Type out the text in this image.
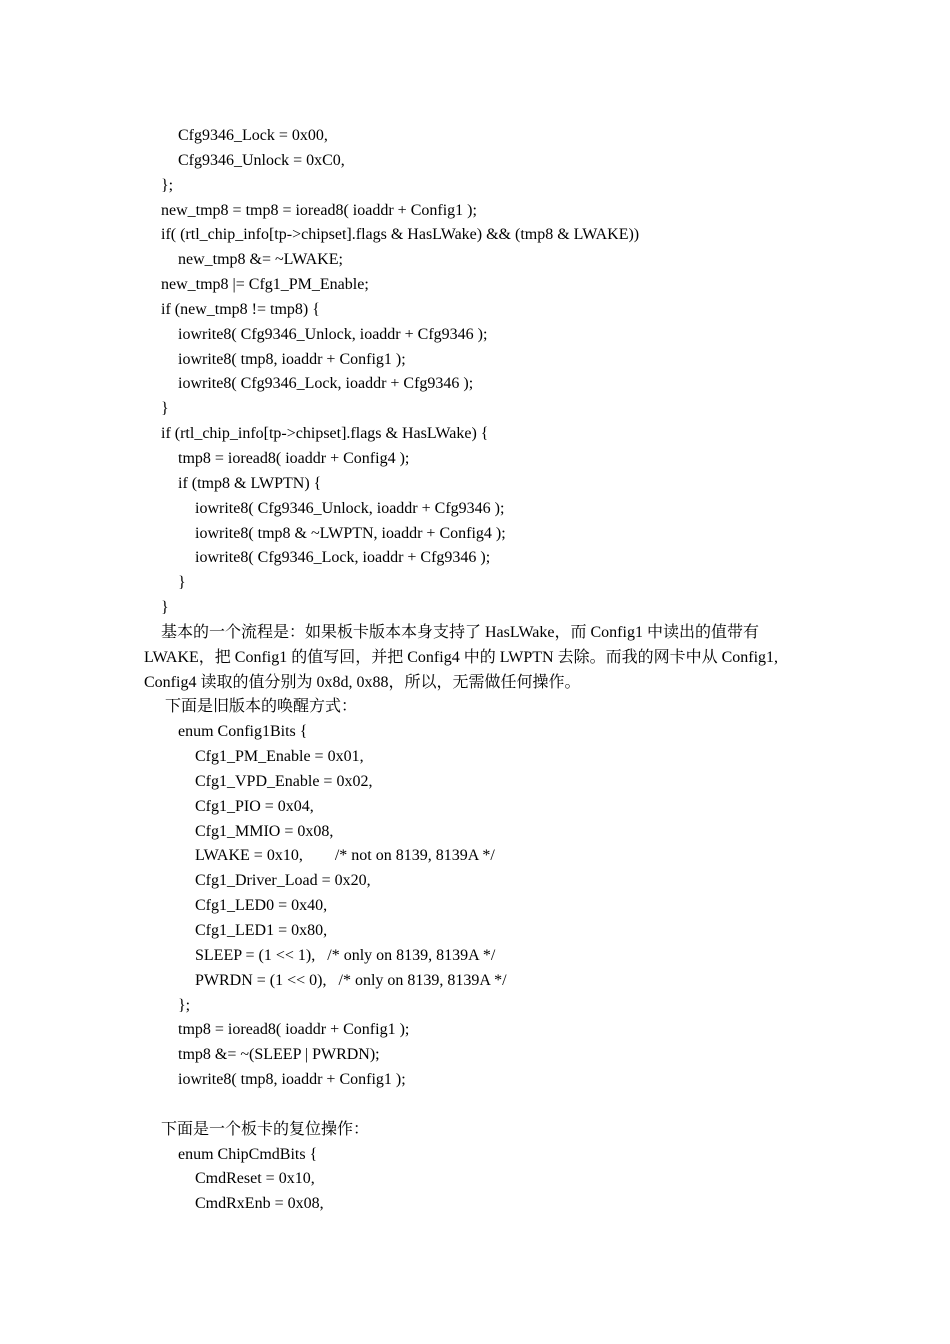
Cfg9346_Lock = 0x00,
Cfg9346_Unlock = 0xC0,
};
new_tmp8 = tmp8 = ioread8( ioaddr + Config1 );
if( (rtl_chip_info[tp->chipset].flags & HasLWake) && (tmp8 & LWAKE))
new_tmp8 &= ~LWAKE;
new_tmp8 |= Cfg1_PM_Enable;
if (new_tmp8 != tmp8) {
iowrite8( Cfg9346_Unlock, ioaddr + Cfg9346 );
iowrite8( tmp8, ioaddr + Config1 );
iowrite8( Cfg9346_Lock, ioaddr + Cfg9346 );
}
if (rtl_chip_info[tp->chipset].flags & HasLWake) {
tmp8 = ioread8( ioaddr + Config4 );
if (tmp8 & LWPTN) {
iowrite8( Cfg9346_Unlock, ioaddr + Cfg9346 );
iowrite8( tmp8 & ~LWPTN, ioaddr + Config4 );
iowrite8( Cfg9346_Lock, ioaddr + Cfg9346 );
}
}
基本的一个流程是：如果板卡版本本身支持了 HasLWake，而 Config1 中读出的值带有
LWAKE，把 Config1 的值写回，并把 Config4 中的 LWPTN 去除。而我的网卡中从 Config1,
Config4 读取的值分别为 0x8d, 0x88，所以，无需做任何操作。
下面是旧版本的唤醒方式：
enum Config1Bits {
Cfg1_PM_Enable = 0x01,
Cfg1_VPD_Enable = 0x02,
Cfg1_PIO = 0x04,
Cfg1_MMIO = 0x08,
LWAKE = 0x10,        /* not on 8139, 8139A */
Cfg1_Driver_Load = 0x20,
Cfg1_LED0 = 0x40,
Cfg1_LED1 = 0x80,
SLEEP = (1 << 1),   /* only on 8139, 8139A */
PWRDN = (1 << 0),   /* only on 8139, 8139A */
};
tmp8 = ioread8( ioaddr + Config1 );
tmp8 &= ~(SLEEP | PWRDN);
iowrite8( tmp8, ioaddr + Config1 );
下面是一个板卡的复位操作：
enum ChipCmdBits {
CmdReset = 0x10,
CmdRxEnb = 0x08,
